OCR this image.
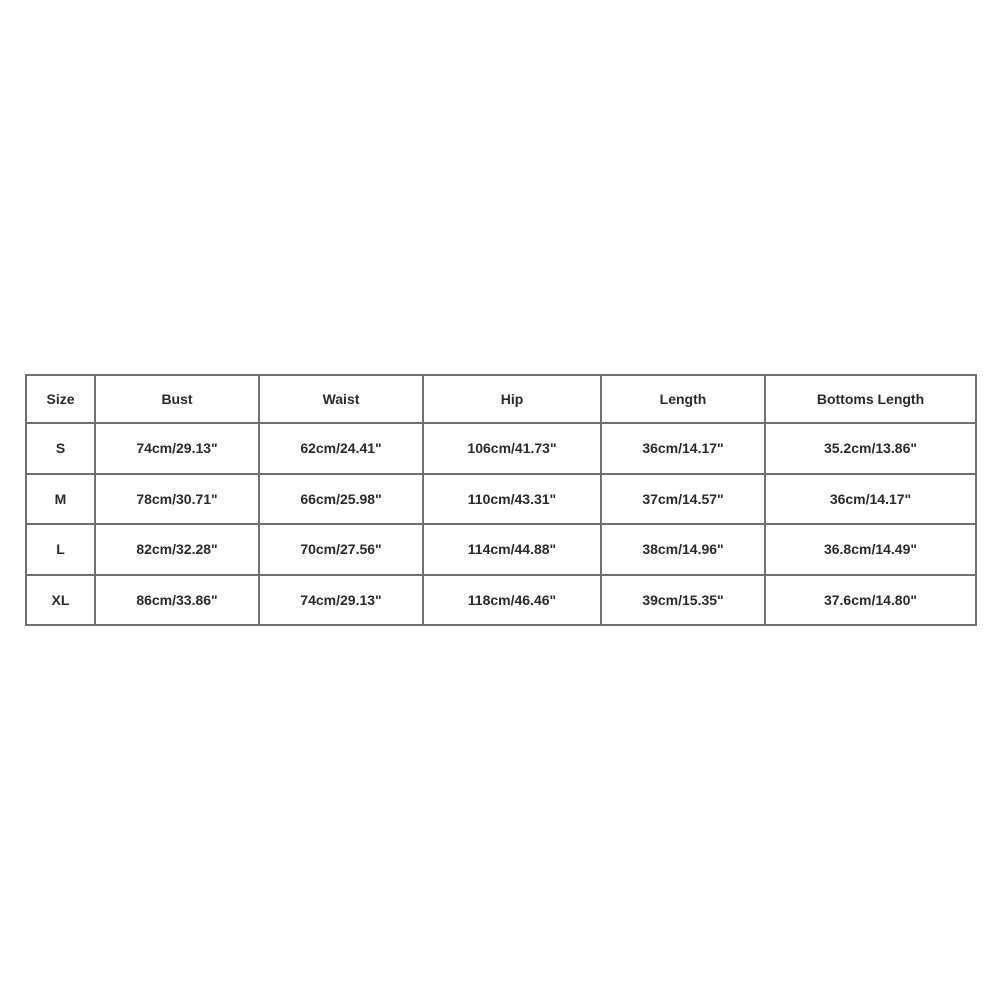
Size	Bust	Waist	Hip	Length	Bottoms Length
S	74cm/29.13"	62cm/24.41"	106cm/41.73"	36cm/14.17"	35.2cm/13.86"
M	78cm/30.71"	66cm/25.98"	110cm/43.31"	37cm/14.57"	36cm/14.17"
L	82cm/32.28"	70cm/27.56"	114cm/44.88"	38cm/14.96"	36.8cm/14.49"
XL	86cm/33.86"	74cm/29.13"	118cm/46.46"	39cm/15.35"	37.6cm/14.80"
